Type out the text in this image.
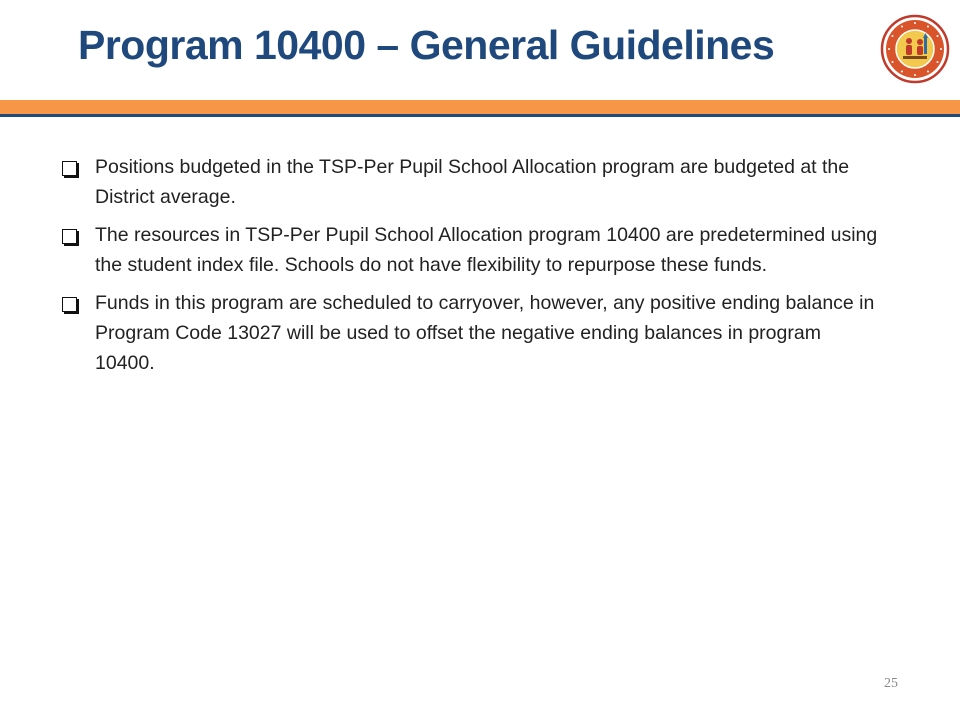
Program 10400 – General Guidelines
Positions budgeted in the TSP-Per Pupil School Allocation program are budgeted at the District average.
The resources in TSP-Per Pupil School Allocation program 10400 are predetermined using the student index file. Schools do not have flexibility to repurpose these funds.
Funds in this program are scheduled to carryover, however, any positive ending balance in Program Code 13027 will be used to offset the negative ending balances in program 10400.
25
